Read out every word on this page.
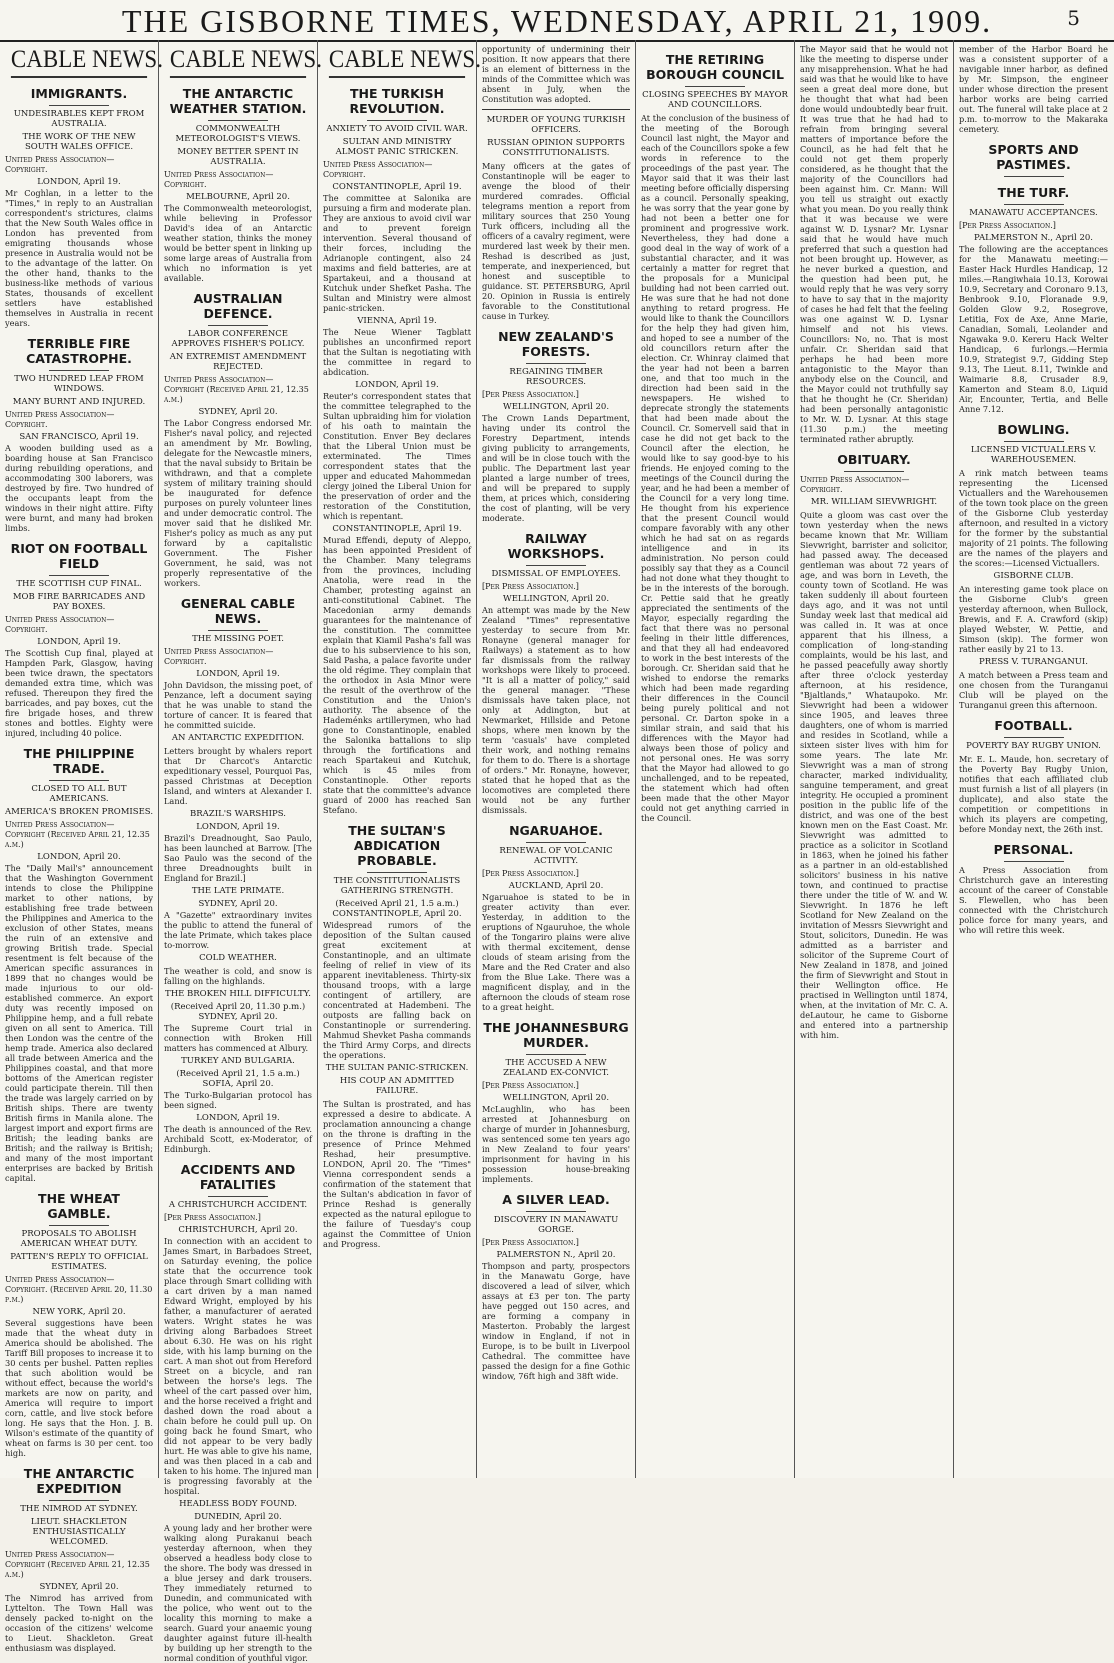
THE GISBORNE TIMES, WEDNESDAY, APRIL 21, 1909.	5
CABLE NEWS.
IMMIGRANTS.
UNDESIRABLES KEPT FROM AUSTRALIA.
THE WORK OF THE NEW SOUTH WALES OFFICE.
United Press Association—Copyright.
LONDON, April 19.

Mr Coghlan, in a letter to the "Times," in reply to an Australian correspondent's strictures, claims that the New South Wales office in London has prevented from emigrating thousands whose presence in Australia would not be to the advantage of the latter. On the other hand, thanks to the business-like methods of various States, thousands of excellent settlers have established themselves in Australia in recent years.

TERRIBLE FIRE CATASTROPHE.
TWO HUNDRED LEAP FROM WINDOWS.
MANY BURNT AND INJURED.
United Press Association—Copyright.
SAN FRANCISCO, April 19.

A wooden building used as a boarding house at San Francisco during rebuilding operations, and accommodating 300 laborers, was destroyed by fire. Two hundred of the occupants leapt from the windows in their night attire. Fifty were burnt, and many had broken limbs.

RIOT ON FOOTBALL FIELD
THE SCOTTISH CUP FINAL.
MOB FIRE BARRICADES AND PAY BOXES.
United Press Association—Copyright.
LONDON, April 19.

The Scottish Cup final, played at Hampden Park, Glasgow, having been twice drawn, the spectators demanded extra time, which was refused. Thereupon they fired the barricades, and pay boxes, cut the fire brigade hoses, and threw stones and bottles. Eighty were injured, including 40 police.

THE PHILIPPINE TRADE.
CLOSED TO ALL BUT AMERICANS.
AMERICA'S BROKEN PROMISES.
United Press Association—Copyright (Received April 21, 12.35 a.m.)
LONDON, April 20.

The "Daily Mail's" announcement that the Washington Government intends to close the Philippine market to other nations, by establishing free trade between the Philippines and America to the exclusion of other States, means the ruin of an extensive and growing British trade. Special resentment is felt because of the American specific assurances in 1899 that no changes would be made injurious to our old-established commerce. An export duty was recently imposed on Philippine hemp, and a full rebate given on all sent to America. Till then London was the centre of the hemp trade. America also declared all trade between America and the Philippines coastal, and that more bottoms of the American register could participate therein. Till then the trade was largely carried on by British ships. There are twenty British firms in Manila alone. The largest import and export firms are British; the leading banks are British; and the railway is British; and many of the most important enterprises are backed by British capital.

THE WHEAT GAMBLE.
PROPOSALS TO ABOLISH AMERICAN WHEAT DUTY.
PATTEN'S REPLY TO OFFICIAL ESTIMATES.
United Press Association—Copyright. (Received April 20, 11.30 p.m.)
NEW YORK, April 20.

Several suggestions have been made that the wheat duty in America should be abolished. The Tariff Bill proposes to increase it to 30 cents per bushel. Patten replies that such abolition would be without effect, because the world's markets are now on parity, and America will require to import corn, cattle, and live stock before long. He says that the Hon. J. B. Wilson's estimate of the quantity of wheat on farms is 30 per cent. too high.

THE ANTARCTIC EXPEDITION
THE NIMROD AT SYDNEY.
LIEUT. SHACKLETON ENTHUSIASTICALLY WELCOMED.
United Press Association—Copyright (Received April 21, 12.35 a.m.)
SYDNEY, April 20.

The Nimrod has arrived from Lyttelton. The Town Hall was densely packed to-night on the occasion of the citizens' welcome to Lieut. Shackleton. Great enthusiasm was displayed.

CABLE NEWS.
THE ANTARCTIC WEATHER STATION.
COMMONWEALTH METEOROLOGIST'S VIEWS.
MONEY BETTER SPENT IN AUSTRALIA.
United Press Association—Copyright.
MELBOURNE, April 20.

The Commonwealth meteorologist, while believing in Professor David's idea of an Antarctic weather station, thinks the money would be better spent in linking up some large areas of Australia from which no information is yet available.

AUSTRALIAN DEFENCE.
LABOR CONFERENCE APPROVES FISHER'S POLICY.
AN EXTREMIST AMENDMENT REJECTED.
United Press Association—Copyright (Received April 21, 12.35 a.m.)
SYDNEY, April 20.

The Labor Congress endorsed Mr. Fisher's naval policy, and rejected an amendment by Mr. Bowling, delegate for the Newcastle miners, that the naval subsidy to Britain be withdrawn, and that a complete system of military training should be inaugurated for defence purposes on purely volunteer lines and under democratic control. The mover said that he disliked Mr. Fisher's policy as much as any put forward by a capitalistic Government. The Fisher Government, he said, was not properly representative of the workers.

GENERAL CABLE NEWS.
THE MISSING POET.
United Press Association—Copyright.
LONDON, April 19.

John Davidson, the missing poet, of Penzance, left a document saying that he was unable to stand the torture of cancer. It is feared that he committed suicide.

AN ANTARCTIC EXPEDITION.

Letters brought by whalers report that Dr Charcot's Antarctic expeditionary vessel, Pourquoi Pas, passed Christmas at Deception Island, and winters at Alexander I. Land.

BRAZIL'S WARSHIPS.
LONDON, April 19.

Brazil's Dreadnought, Sao Paulo, has been launched at Barrow. [The Sao Paulo was the second of the three Dreadnoughts built in England for Brazil.]

THE LATE PRIMATE.
SYDNEY, April 20.

A "Gazette" extraordinary invites the public to attend the funeral of the late Primate, which takes place to-morrow.

COLD WEATHER.

The weather is cold, and snow is falling on the highlands.

THE BROKEN HILL DIFFICULTY.
(Received April 20, 11.30 p.m.) SYDNEY, April 20.

The Supreme Court trial in connection with Broken Hill matters has commenced at Albury.

TURKEY AND BULGARIA.
(Received April 21, 1.5 a.m.) SOFIA, April 20.

The Turko-Bulgarian protocol has been signed.

LONDON, April 19.

The death is announced of the Rev. Archibald Scott, ex-Moderator, of Edinburgh.

ACCIDENTS AND FATALITIES
A CHRISTCHURCH ACCIDENT.
[Per Press Association.]
CHRISTCHURCH, April 20.

In connection with an accident to James Smart, in Barbadoes Street, on Saturday evening, the police state that the occurrence took place through Smart colliding with a cart driven by a man named Edward Wright, employed by his father, a manufacturer of aerated waters. Wright states he was driving along Barbadoes Street about 6.30. He was on his right side, with his lamp burning on the cart. A man shot out from Hereford Street on a bicycle, and ran between the horse's legs. The wheel of the cart passed over him, and the horse received a fright and dashed down the road about a chain before he could pull up. On going back he found Smart, who did not appear to be very badly hurt. He was able to give his name, and was then placed in a cab and taken to his home. The injured man is progressing favorably at the hospital.

HEADLESS BODY FOUND.
DUNEDIN, April 20.

A young lady and her brother were walking along Purakanui beach yesterday afternoon, when they observed a headless body close to the shore. The body was dressed in a blue jersey and dark trousers. They immediately returned to Dunedin, and communicated with the police, who went out to the locality this morning to make a search. Guard your anaemic young daughter against future ill-health by building up her strength to the normal condition of youthful vigor.

CABLE NEWS.
THE TURKISH REVOLUTION.
ANXIETY TO AVOID CIVIL WAR.
SULTAN AND MINISTRY ALMOST PANIC STRICKEN.
United Press Association—Copyright.
CONSTANTINOPLE, April 19.

The committee at Salonika are pursuing a firm and moderate plan. They are anxious to avoid civil war and to prevent foreign intervention. Several thousand of their forces, including the Adrianople contingent, also 24 maxims and field batteries, are at Spartakeui, and a thousand at Kutchuk under Shefket Pasha. The Sultan and Ministry were almost panic-stricken.

VIENNA, April 19.

The Neue Wiener Tagblatt publishes an unconfirmed report that the Sultan is negotiating with the committee in regard to abdication.

LONDON, April 19.

Reuter's correspondent states that the committee telegraphed to the Sultan upbraiding him for violation of his oath to maintain the Constitution. Enver Bey declares that the Liberal Union must be exterminated. The Times correspondent states that the upper and educated Mahommedan clergy joined the Liberal Union for the preservation of order and the restoration of the Constitution, which is repentant.

CONSTANTINOPLE, April 19.

Murad Effendi, deputy of Aleppo, has been appointed President of the Chamber. Many telegrams from the provinces, including Anatolia, were read in the Chamber, protesting against an anti-constitutional Cabinet. The Macedonian army demands guarantees for the maintenance of the constitution. The committee explain that Kiamil Pasha's fall was due to his subservience to his son, Said Pasha, a palace favorite under the old régime. They complain that the orthodox in Asia Minor were the result of the overthrow of the Constitution and the Union's authority. The absence of the Hademénks artillerymen, who had gone to Constantinople, enabled the Salonika battalions to slip through the fortifications and reach Spartakeui and Kutchuk, which is 45 miles from Constantinople. Other reports state that the committee's advance guard of 2000 has reached San Stefano.

THE SULTAN'S ABDICATION PROBABLE.
THE CONSTITUTIONALISTS GATHERING STRENGTH.
(Received April 21, 1.5 a.m.) CONSTANTINOPLE, April 20.

Widespread rumors of the deposition of the Sultan caused great excitement at Constantinople, and an ultimate feeling of relief in view of its apparent inevitableness. Thirty-six thousand troops, with a large contingent of artillery, are concentrated at Hadembeni. The outposts are falling back on Constantinople or surrendering. Mahmud Shevket Pasha commands the Third Army Corps, and directs the operations.

THE SULTAN PANIC-STRICKEN.
HIS COUP AN ADMITTED FAILURE.

The Sultan is prostrated, and has expressed a desire to abdicate. A proclamation announcing a change on the throne is drafting in the presence of Prince Mehmed Reshad, heir presumptive. LONDON, April 20. The "Times" Vienna correspondent sends a confirmation of the statement that the Sultan's abdication in favor of Prince Reshad is generally expected as the natural epilogue to the failure of Tuesday's coup against the Committee of Union and Progress.

opportunity of undermining their position. It now appears that there is an element of bitterness in the minds of the Committee which was absent in July, when the Constitution was adopted.

MURDER OF YOUNG TURKISH OFFICERS.
RUSSIAN OPINION SUPPORTS CONSTITUTIONALISTS.

Many officers at the gates of Constantinople will be eager to avenge the blood of their murdered comrades. Official telegrams mention a report from military sources that 250 Young Turk officers, including all the officers of a cavalry regiment, were murdered last week by their men. Reshad is described as just, temperate, and inexperienced, but honest and susceptible to guidance. ST. PETERSBURG, April 20. Opinion in Russia is entirely favorable to the Constitutional cause in Turkey.

NEW ZEALAND'S FORESTS.
REGAINING TIMBER RESOURCES.
[Per Press Association.]
WELLINGTON, April 20.

The Crown Lands Department, having under its control the Forestry Department, intends giving publicity to arrangements, and will be in close touch with the public. The Department last year planted a large number of trees, and will be prepared to supply them, at prices which, considering the cost of planting, will be very moderate.

RAILWAY WORKSHOPS.
DISMISSAL OF EMPLOYEES.
[Per Press Association.]
WELLINGTON, April 20.

An attempt was made by the New Zealand "Times" representative yesterday to secure from Mr. Ronayne (general manager for Railways) a statement as to how far dismissals from the railway workshops were likely to proceed. "It is all a matter of policy," said the general manager. "These dismissals have taken place, not only at Addington, but at Newmarket, Hillside and Petone shops, where men known by the term 'casuals' have completed their work, and nothing remains for them to do. There is a shortage of orders." Mr. Ronayne, however, stated that he hoped that as the locomotives are completed there would not be any further dismissals.

NGARUAHOE.
RENEWAL OF VOLCANIC ACTIVITY.
[Per Press Association.]
AUCKLAND, April 20.

Ngaruahoe is stated to be in greater activity than ever. Yesterday, in addition to the eruptions of Ngauruhoe, the whole of the Tongariro plains were alive with thermal excitement, dense clouds of steam arising from the Mare and the Red Crater and also from the Blue Lake. There was a magnificent display, and in the afternoon the clouds of steam rose to a great height.

THE JOHANNESBURG MURDER.
THE ACCUSED A NEW ZEALAND EX-CONVICT.
[Per Press Association.]
WELLINGTON, April 20.

McLaughlin, who has been arrested at Johannesburg on charge of murder in Johannesburg, was sentenced some ten years ago in New Zealand to four years' imprisonment for having in his possession house-breaking implements.

A SILVER LEAD.
DISCOVERY IN MANAWATU GORGE.
[Per Press Association.]
PALMERSTON N., April 20.

Thompson and party, prospectors in the Manawatu Gorge, have discovered a lead of silver, which assays at £3 per ton. The party have pegged out 150 acres, and are forming a company in Masterton. Probably the largest window in England, if not in Europe, is to be built in Liverpool Cathedral. The committee have passed the design for a fine Gothic window, 76ft high and 38ft wide.

THE RETIRING BOROUGH COUNCIL
CLOSING SPEECHES BY MAYOR AND COUNCILLORS.

At the conclusion of the business of the meeting of the Borough Council last night, the Mayor and each of the Councillors spoke a few words in reference to the proceedings of the past year. The Mayor said that it was their last meeting before officially dispersing as a council. Personally speaking, he was sorry that the year gone by had not been a better one for prominent and progressive work. Nevertheless, they had done a good deal in the way of work of a substantial character, and it was certainly a matter for regret that the proposals for a Municipal building had not been carried out. He was sure that he had not done anything to retard progress. He would like to thank the Councillors for the help they had given him, and hoped to see a number of the old councillors return after the election. Cr. Whinray claimed that the year had not been a barren one, and that too much in the direction had been said in the newspapers. He wished to deprecate strongly the statements that had been made about the Council. Cr. Somervell said that in case he did not get back to the Council after the election, he would like to say good-bye to his friends. He enjoyed coming to the meetings of the Council during the year, and he had been a member of the Council for a very long time. He thought from his experience that the present Council would compare favorably with any other which he had sat on as regards intelligence and in its administration. No person could possibly say that they as a Council had not done what they thought to be in the interests of the borough. Cr. Pettie said that he greatly appreciated the sentiments of the Mayor, especially regarding the fact that there was no personal feeling in their little differences, and that they all had endeavored to work in the best interests of the borough. Cr. Sheridan said that he wished to endorse the remarks which had been made regarding their differences in the Council being purely political and not personal. Cr. Darton spoke in a similar strain, and said that his differences with the Mayor had always been those of policy and not personal ones. He was sorry that the Mayor had allowed to go unchallenged, and to be repeated, the statement which had often been made that the other Mayor could not get anything carried in the Council.

The Mayor said that he would not like the meeting to disperse under any misapprehension. What he had said was that he would like to have seen a great deal more done, but he thought that what had been done would undoubtedly bear fruit. It was true that he had had to refrain from bringing several matters of importance before the Council, as he had felt that he could not get them properly considered, as he thought that the majority of the Councillors had been against him. Cr. Mann: Will you tell us straight out exactly what you mean. Do you really think that it was because we were against W. D. Lysnar? Mr. Lysnar said that he would have much preferred that such a question had not been brought up. However, as he never burked a question, and the question had been put, he would reply that he was very sorry to have to say that in the majority of cases he had felt that the feeling was one against W. D. Lysnar himself and not his views. Councillors: No, no. That is most unfair. Cr. Sheridan said that perhaps he had been more antagonistic to the Mayor than anybody else on the Council, and the Mayor could not truthfully say that he thought he (Cr. Sheridan) had been personally antagonistic to Mr. W. D. Lysnar. At this stage (11.30 p.m.) the meeting terminated rather abruptly.

OBITUARY.
United Press Association—Copyright.
MR. WILLIAM SIEVWRIGHT.

Quite a gloom was cast over the town yesterday when the news became known that Mr. William Sievwright, barrister and solicitor, had passed away. The deceased gentleman was about 72 years of age, and was born in Leveth, the county town of Scotland. He was taken suddenly ill about fourteen days ago, and it was not until Sunday week last that medical aid was called in. It was at once apparent that his illness, a complication of long-standing complaints, would be his last, and he passed peacefully away shortly after three o'clock yesterday afternoon, at his residence, "Bjaltlands," Whataupoko. Mr. Sievwright had been a widower since 1905, and leaves three daughters, one of whom is married and resides in Scotland, while a sixteen sister lives with him for some years. The late Mr. Sievwright was a man of strong character, marked individuality, sanguine temperament, and great integrity. He occupied a prominent position in the public life of the district, and was one of the best known men on the East Coast. Mr. Sievwright was admitted to practice as a solicitor in Scotland in 1863, when he joined his father as a partner in an old-established solicitors' business in his native town, and continued to practise there under the title of W. and W. Sievwright. In 1876 he left Scotland for New Zealand on the invitation of Messrs Sievwright and Stout, solicitors, Dunedin. He was admitted as a barrister and solicitor of the Supreme Court of New Zealand in 1878, and joined the firm of Sievwright and Stout in their Wellington office. He practised in Wellington until 1874, when, at the invitation of Mr. C. A. deLautour, he came to Gisborne and entered into a partnership with him.

member of the Harbor Board he was a consistent supporter of a navigable inner harbor, as defined by Mr. Simpson, the engineer under whose direction the present harbor works are being carried out. The funeral will take place at 2 p.m. to-morrow to the Makaraka cemetery.

SPORTS AND PASTIMES.
THE TURF.
MANAWATU ACCEPTANCES.
[Per Press Association.]
PALMERSTON N., April 20.

The following are the acceptances for the Manawatu meeting:— Easter Hack Hurdles Handicap, 12 miles.—Rangiwhaia 10.13, Korowai 10.9, Secretary and Coronaro 9.13, Benbrook 9.10, Floranade 9.9, Golden Glow 9.2, Rosegrove, Letitia, Fox de Axe, Anne Marie, Canadian, Somali, Leolander and Ngawaka 9.0. Kereru Hack Welter Handicap, 6 furlongs.—Hermia 10.9, Strategist 9.7, Gidding Step 9.13, The Lieut. 8.11, Twinkle and Waimarie 8.8, Crusader 8.9, Kamerton and Steam 8.0, Liquid Air, Encounter, Tertia, and Belle Anne 7.12.

BOWLING.
LICENSED VICTUALLERS V. WAREHOUSEMEN.

A rink match between teams representing the Licensed Victuallers and the Warehousemen of the town took place on the green of the Gisborne Club yesterday afternoon, and resulted in a victory for the former by the substantial majority of 21 points. The following are the names of the players and the scores:—Licensed Victuallers.

GISBORNE CLUB.

An interesting game took place on the Gisborne Club's green yesterday afternoon, when Bullock, Brewis, and F. A. Crawford (skip) played Webster, W. Pettie, and Simson (skip). The former won rather easily by 21 to 13.

PRESS V. TURANGANUI.

A match between a Press team and one chosen from the Turanganui Club will be played on the Turanganui green this afternoon.

FOOTBALL.
POVERTY BAY RUGBY UNION.

Mr. E. L. Maude, hon. secretary of the Poverty Bay Rugby Union, notifies that each affiliated club must furnish a list of all players (in duplicate), and also state the competition or competitions in which its players are competing, before Monday next, the 26th inst.

PERSONAL.

A Press Association from Christchurch gave an interesting account of the career of Constable S. Flewellen, who has been connected with the Christchurch police force for many years, and who will retire this week.
